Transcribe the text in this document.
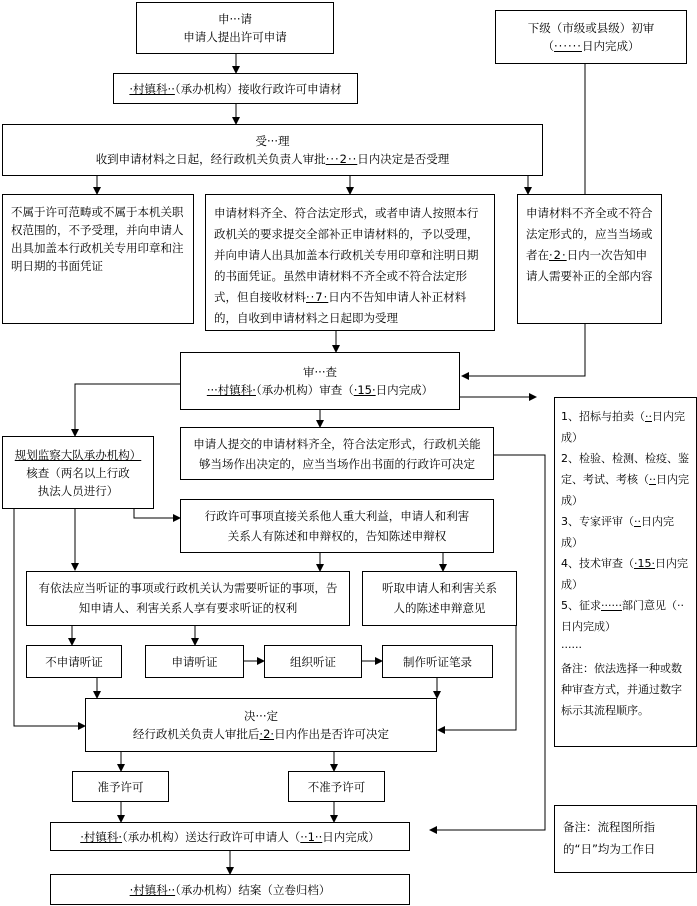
申···请
申请人提出许可申请
下级（市级或县级）初审
（······日内完成）
·村镇科··（承办机构）接收行政许可申请材
受···理
收到申请材料之日起，经行政机关负责人审批···2··日内决定是否受理
不属于许可范畴或不属于本机关职权范围的，不予受理，并向申请人出具加盖本行政机关专用印章和注明日期的书面凭证
申请材料齐全、符合法定形式，或者申请人按照本行政机关的要求提交全部补正申请材料的，予以受理，并向申请人出具加盖本行政机关专用印章和注明日期的书面凭证。虽然申请材料不齐全或不符合法定形式，但自接收材料··7·日内不告知申请人补正材料的，自收到申请材料之日起即为受理
申请材料不齐全或不符合法定形式的，应当当场或者在·2·日内一次告知申请人需要补正的全部内容
审···查
···村镇科·（承办机构）审查（·15·日内完成）
1、招标与拍卖（··日内完成）
2、检验、检测、检疫、鉴定、考试、考核（··日内完成）
3、专家评审（··日内完成）
4、技术审查（·15·日内完成）
5、征求······部门意见（··日内完成）
······
备注：依法选择一种或数种审查方式，并通过数字标示其流程顺序。
规划监察大队承办机构）
核查（两名以上行政
执法人员进行）
申请人提交的申请材料齐全，符合法定形式，行政机关能够当场作出决定的，应当当场作出书面的行政许可决定
行政许可事项直接关系他人重大利益，申请人和利害关系人有陈述和申辩权的，告知陈述申辩权
有依法应当听证的事项或行政机关认为需要听证的事项，告知申请人、利害关系人享有要求听证的权利
听取申请人和利害关系人的陈述申辩意见
不申请听证	申请听证	组织听证	制作听证笔录
决···定
经行政机关负责人审批后·2·日内作出是否许可决定
准予许可	不准予许可
·村镇科·（承办机构）送达行政许可申请人（··1··日内完成）
·村镇科··（承办机构）结案（立卷归档）
备注：流程图所指的“日”均为工作日
